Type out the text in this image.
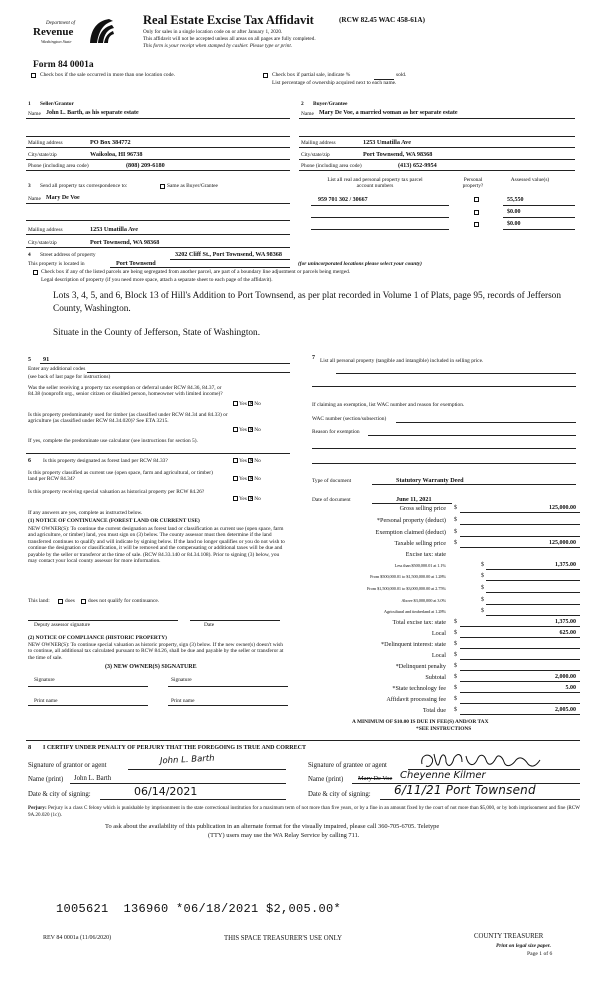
Department of
Revenue
Washington State
Real Estate Excise Tax Affidavit	(RCW 82.45 WAC 458-61A)
Only for sales in a single location code on or after January 1, 2020.
This affidavit will not be accepted unless all areas on all pages are fully completed.
This form is your receipt when stamped by cashier. Please type or print.
Form 84 0001a
Check box if the sale occurred in more than one location code.	Check box if partial sale, indicate %	sold.
List percentage of ownership acquired next to each name.
1 Seller/Grantor
Name John L. Barth, as his separate estate
Mailing address	PO Box 384772
City/state/zip	Waikoloa, HI 96738
Phone (including area code)	(808) 209-6180
2 Buyer/Grantee
Name Mary De Voe, a married woman as her separate estate
Mailing address	1253 Umatilla Ave
City/state/zip	Port Townsend, WA 98368
Phone (including area code)	(413) 652-9954
3 Send all property tax correspondence to:	Same as Buyer/Grantee
Name Mary De Voe
Mailing address	1253 Umatilla Ave
City/state/zip	Port Townsend, WA 98368
List all real and personal property tax parcel account numbers
Personal property?
Assessed value(s)
959 701 302 / 30667	55,550
$0.00
$0.00
4 Street address of property	3202 Cliff St., Port Townsend, WA 98368
This property is located in	Port Townsend	(for unincorporated locations please select your county)
Check box if any of the listed parcels are being segregated from another parcel, are part of a boundary line adjustment or parcels being merged.
Legal description of property (if you need more space, attach a separate sheet to each page of the affidavit).
Lots 3, 4, 5, and 6, Block 13 of Hill's Addition to Port Townsend, as per plat recorded in Volume 1 of Plats, page 95, records of Jefferson County, Washington.
Situate in the County of Jefferson, State of Washington.
5 91
Enter any additional codes
(see back of last page for instructions)
Was the seller receiving a property tax exemption or deferral under RCW 84.36, 84.37, or 84.38 (nonprofit org., senior citizen or disabled person, homeowner with limited income)?
Yes ✕No
Is this property predominately used for timber (as classified under RCW 84.34 and 84.33) or agriculture (as classified under RCW 84.34.020)? See ETA 3215.
Yes ✕No
If yes, complete the predominate use calculator (see instructions for section 5).
6 Is this property designated as forest land per RCW 84.33?	Yes ✕No
Is this property classified as current use (open space, farm and agricultural, or timber) land per RCW 84.34?	Yes ✕No
Is this property receiving special valuation as historical property per RCW 84.26?
Yes ✕No
If any answers are yes, complete as instructed below.
(1) NOTICE OF CONTINUANCE (FOREST LAND OR CURRENT USE)
NEW OWNER(S): To continue the current designation as forest land or classification as current use (open space, farm and agriculture, or timber) land, you must sign on (3) below. The county assessor must then determine if the land transferred continues to qualify and will indicate by signing below. If the land no longer qualifies or you do not wish to continue the designation or classification, it will be removed and the compensating or additional taxes will be due and payable by the seller or transferor at the time of sale. (RCW 84.33.140 or 84.34.108). Prior to signing (3) below, you may contact your local county assessor for more information.
This land:	does does not qualify for continuance.
Deputy assessor signature	Date
(2) NOTICE OF COMPLIANCE (HISTORIC PROPERTY)
NEW OWNER(S): To continue special valuation as historic property, sign (3) below. If the new owner(s) doesn't wish to continue, all additional tax calculated pursuant to RCW 84.26, shall be due and payable by the seller or transferor at the time of sale.
(3) NEW OWNER(S) SIGNATURE
Signature	Signature
Print name	Print name
7 List all personal property (tangible and intangible) included in selling price.
If claiming an exemption, list WAC number and reason for exemption.
WAC number (section/subsection)
Reason for exemption
Type of document	Statutory Warranty Deed
Date of document	June 11, 2021
Gross selling price $	125,000.00
*Personal property (deduct) $
Exemption claimed (deduct) $
Taxable selling price $	125,000.00
Excise tax: state
Less than $500,000.01 at 1.1%	$	1,375.00
From $500,000.01 to $1,500,000.00 at 1.28%	$
From $1,500,000.01 to $3,000,000.00 at 2.75%	$
Above $3,000,000 at 3.0%	$
Agricultural and timberland at 1.28%	$
Total excise tax: state $	1,375.00
Local $	625.00
*Delinquent interest: state $
Local $
*Delinquent penalty $
Subtotal $	2,000.00
*State technology fee $	5.00
Affidavit processing fee $
Total due $	2,005.00
A MINIMUM OF $10.00 IS DUE IN FEE(S) AND/OR TAX
*SEE INSTRUCTIONS
8 I CERTIFY UNDER PENALTY OF PERJURY THAT THE FOREGOING IS TRUE AND CORRECT
Signature of grantor or agent	John L. Barth
Name (print) John L. Barth
Date & city of signing:	06/14/2021
Signature of grantee or agent
Name (print) Mary De Voe Cheyenne Kilmer
Date & city of signing: 6/11/21 Port Townsend
Perjury: Perjury is a class C felony which is punishable by imprisonment in the state correctional institution for a maximum term of not more than five years, or by a fine in an amount fixed by the court of not more than $5,000, or by both imprisonment and fine (RCW 9A.20.020 (1c)).
To ask about the availability of this publication in an alternate format for the visually impaired, please call 360-705-6705. Teletype
(TTY) users may use the WA Relay Service by calling 711.
1005621  136960 *06/18/2021 $2,005.00*
REV 84 0001a (11/06/2020)	THIS SPACE TREASURER'S USE ONLY	COUNTY TREASURER
Print on legal size paper.
Page 1 of 6
